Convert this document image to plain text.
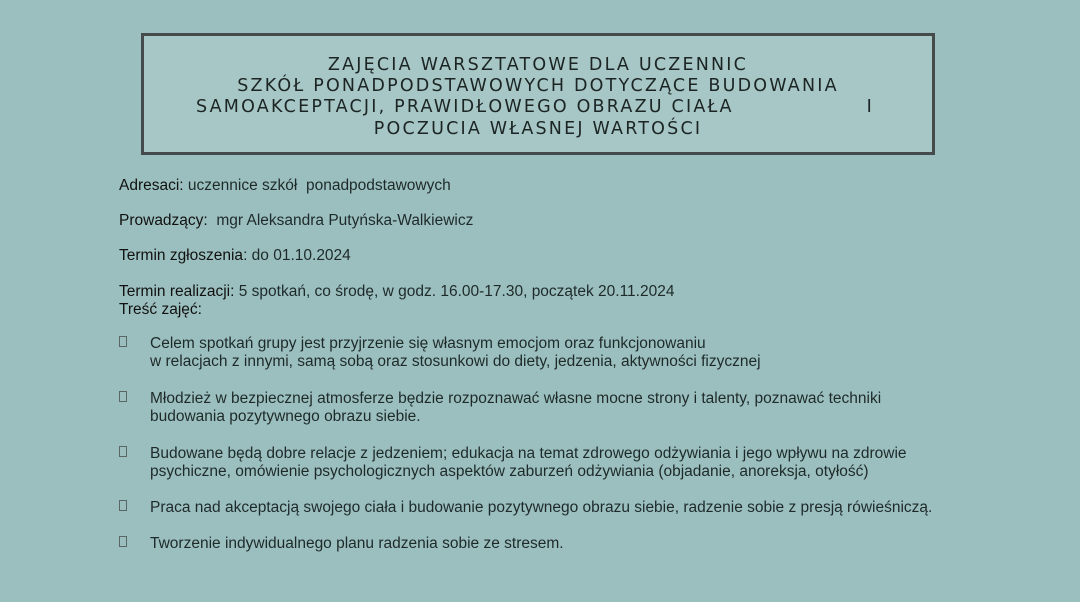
ZAJĘCIA WARSZTATOWE DLA UCZENNIC
SZKÓŁ PONADPODSTAWOWYCH DOTYCZĄCE BUDOWANIA
SAMOAKCEPTACJI, PRAWIDŁOWEGO OBRAZU CIAŁA	I
POCZUCIA WŁASNEJ WARTOŚCI
Adresaci: uczennice szkół  ponadpodstawowych
Prowadzący:  mgr Aleksandra Putyńska-Walkiewicz
Termin zgłoszenia: do 01.10.2024
Termin realizacji: 5 spotkań, co środę, w godz. 16.00-17.30, początek 20.11.2024
Treść zajęć:
Celem spotkań grupy jest przyjrzenie się własnym emocjom oraz funkcjonowaniu
w relacjach z innymi, samą sobą oraz stosunkowi do diety, jedzenia, aktywności fizycznej
Młodzież w bezpiecznej atmosferze będzie rozpoznawać własne mocne strony i talenty, poznawać techniki
budowania pozytywnego obrazu siebie.
Budowane będą dobre relacje z jedzeniem; edukacja na temat zdrowego odżywiania i jego wpływu na zdrowie
psychiczne, omówienie psychologicznych aspektów zaburzeń odżywiania (objadanie, anoreksja, otyłość)
Praca nad akceptacją swojego ciała i budowanie pozytywnego obrazu siebie, radzenie sobie z presją rówieśniczą.
Tworzenie indywidualnego planu radzenia sobie ze stresem.
